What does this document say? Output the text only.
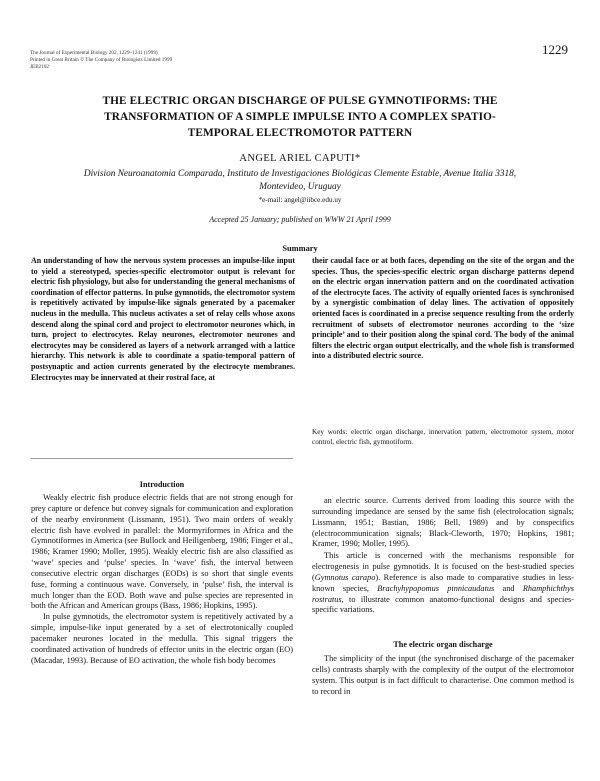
The Journal of Experimental Biology 202, 1229–1241 (1999)
Printed in Great Britain © The Company of Biologists Limited 1999
JEB2102
1229
THE ELECTRIC ORGAN DISCHARGE OF PULSE GYMNOTIFORMS: THE
TRANSFORMATION OF A SIMPLE IMPULSE INTO A COMPLEX SPATIO-
TEMPORAL ELECTROMOTOR PATTERN
ANGEL ARIEL CAPUTI*
Division Neuroanatomia Comparada, Instituto de Investigaciones Biológicas Clemente Estable, Avenue Italia 3318,
Montevideo, Uruguay
*e-mail: angel@iibce.edu.uy
Accepted 25 January; published on WWW 21 April 1999
Summary
An understanding of how the nervous system processes an impulse-like input to yield a stereotyped, species-specific electromotor output is relevant for electric fish physiology, but also for understanding the general mechanisms of coordination of effector patterns. In pulse gymnotids, the electromotor system is repetitively activated by impulse-like signals generated by a pacemaker nucleus in the medulla. This nucleus activates a set of relay cells whose axons descend along the spinal cord and project to electromotor neurones which, in turn, project to electrocytes. Relay neurones, electromotor neurones and electrocytes may be considered as layers of a network arranged with a lattice hierarchy. This network is able to coordinate a spatio-temporal pattern of postsynaptic and action currents generated by the electrocyte membranes. Electrocytes may be innervated at their rostral face, at
their caudal face or at both faces, depending on the site of the organ and the species. Thus, the species-specific electric organ discharge patterns depend on the electric organ innervation pattern and on the coordinated activation of the electrocyte faces. The activity of equally oriented faces is synchronised by a synergistic combination of delay lines. The activation of oppositely oriented faces is coordinated in a precise sequence resulting from the orderly recruitment of subsets of electromotor neurones according to the ‘size principle’ and to their position along the spinal cord. The body of the animal filters the electric organ output electrically, and the whole fish is transformed into a distributed electric source.
Key words: electric organ discharge, innervation pattern, electromotor system, motor control, electric fish, gymnotiform.
Introduction

Weakly electric fish produce electric fields that are not strong enough for prey capture or defence but convey signals for communication and exploration of the nearby environment (Lissmann, 1951). Two main orders of weakly electric fish have evolved in parallel: the Mormyriformes in Africa and the Gymnotiformes in America (see Bullock and Heiligenberg, 1986; Finger et al., 1986; Kramer 1990; Moller, 1995). Weakly electric fish are also classified as ‘wave’ species and ‘pulse’ species. In ‘wave’ fish, the interval between consecutive electric organ discharges (EODs) is so short that single events fuse, forming a continuous wave. Conversely, in ‘pulse’ fish, the interval is much longer than the EOD. Both wave and pulse species are represented in both the African and American groups (Bass, 1986; Hopkins, 1995).

In pulse gymnotids, the electromotor system is repetitively activated by a simple, impulse-like input generated by a set of electrotonically coupled pacemaker neurones located in the medulla. This signal triggers the coordinated activation of hundreds of effector units in the electric organ (EO) (Macadar, 1993). Because of EO activation, the whole fish body becomes

an electric source. Currents derived from loading this source with the surrounding impedance are sensed by the same fish (electrolocation signals; Lissmann, 1951; Bastian, 1986; Bell, 1989) and by conspecifics (electrocommunication signals; Black-Cleworth, 1970; Hopkins, 1981; Kramer, 1990; Moller, 1995).

This article is concerned with the mechanisms responsible for electrogenesis in pulse gymnotids. It is focused on the best-studied species (Gymnotus carapo). Reference is also made to comparative studies in less-known species, Brachyhypopomus pinnicaudatus and Rhamphichthys rostratus, to illustrate common anatomo-functional designs and species-specific variations.

The electric organ discharge

The simplicity of the input (the synchronised discharge of the pacemaker cells) contrasts sharply with the complexity of the output of the electromotor system. This output is in fact difficult to characterise. One common method is to record in
